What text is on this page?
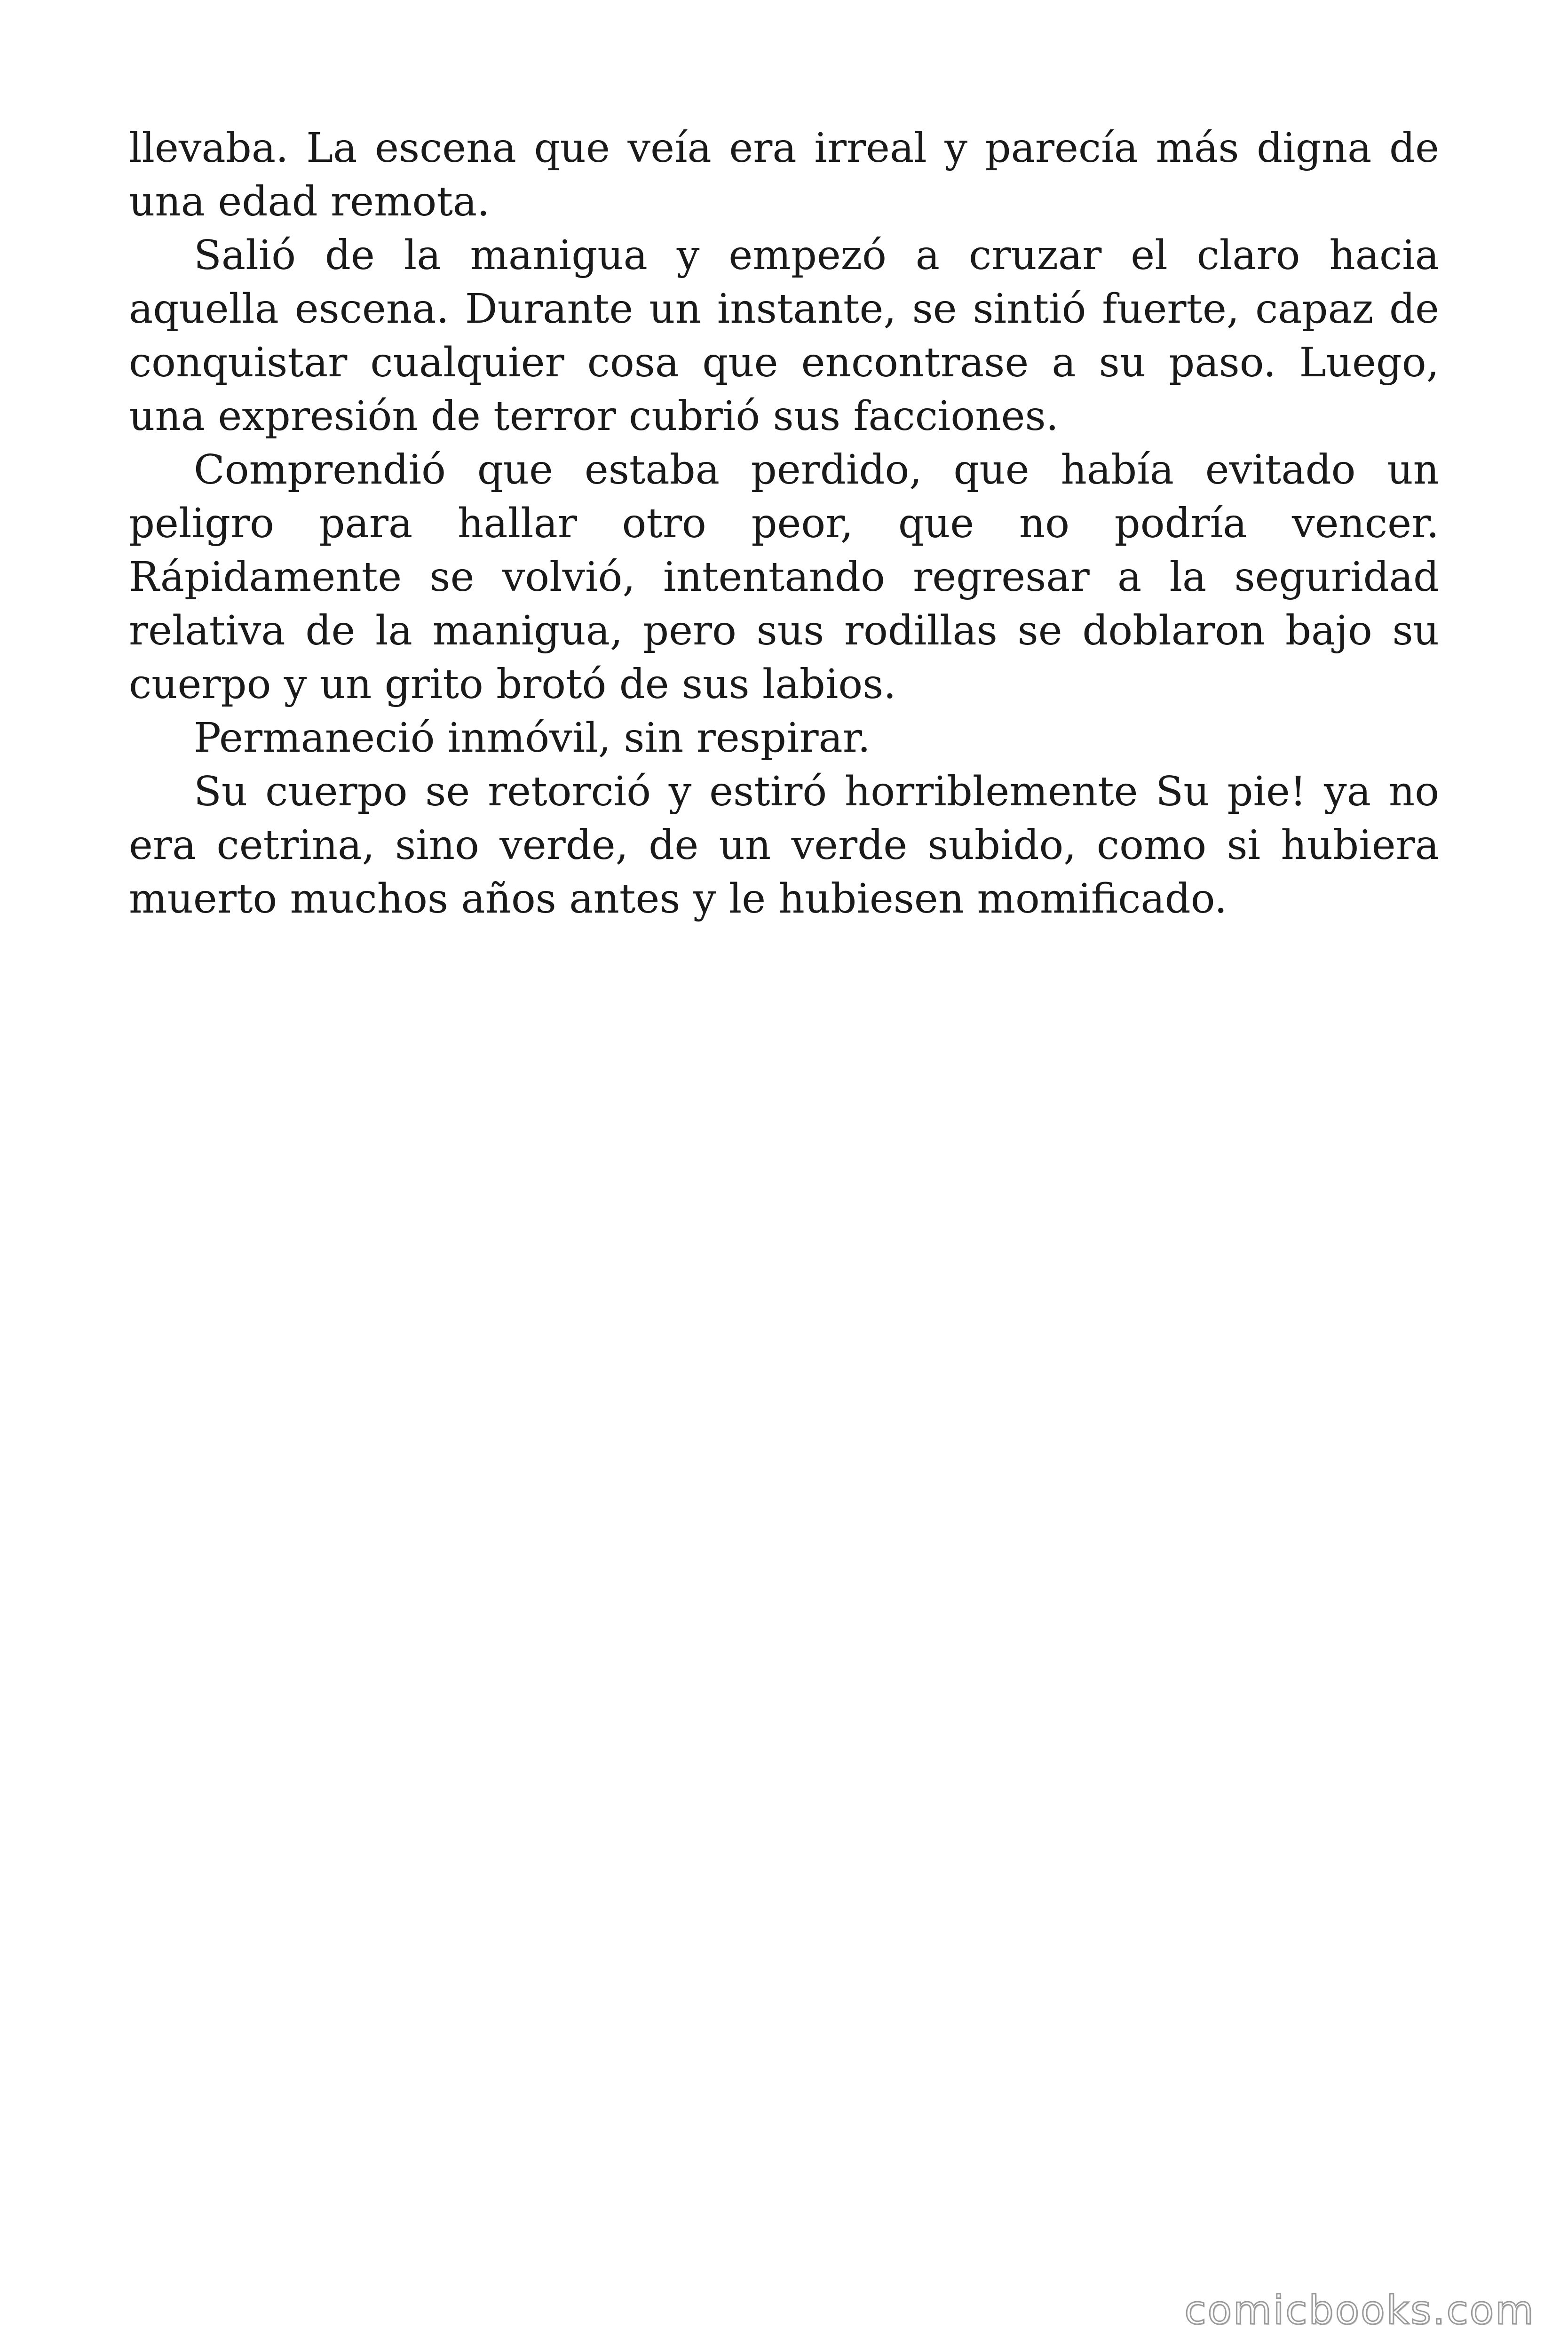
llevaba. La escena que veía era irreal y parecía más digna de una edad remota.

Salió de la manigua y empezó a cruzar el claro hacia aquella escena. Durante un instante, se sintió fuerte, capaz de conquistar cualquier cosa que encontrase a su paso. Luego, una expresión de terror cubrió sus facciones.

Comprendió que estaba perdido, que había evitado un peligro para hallar otro peor, que no podría vencer. Rápidamente se volvió, intentando regresar a la seguridad relativa de la manigua, pero sus rodillas se doblaron bajo su cuerpo y un grito brotó de sus labios.

Permaneció inmóvil, sin respirar.

Su cuerpo se retorció y estiró horriblemente Su pie! ya no era cetrina, sino verde, de un verde subido, como si hubiera muerto muchos años antes y le hubiesen momificado.

comicbooks.com
